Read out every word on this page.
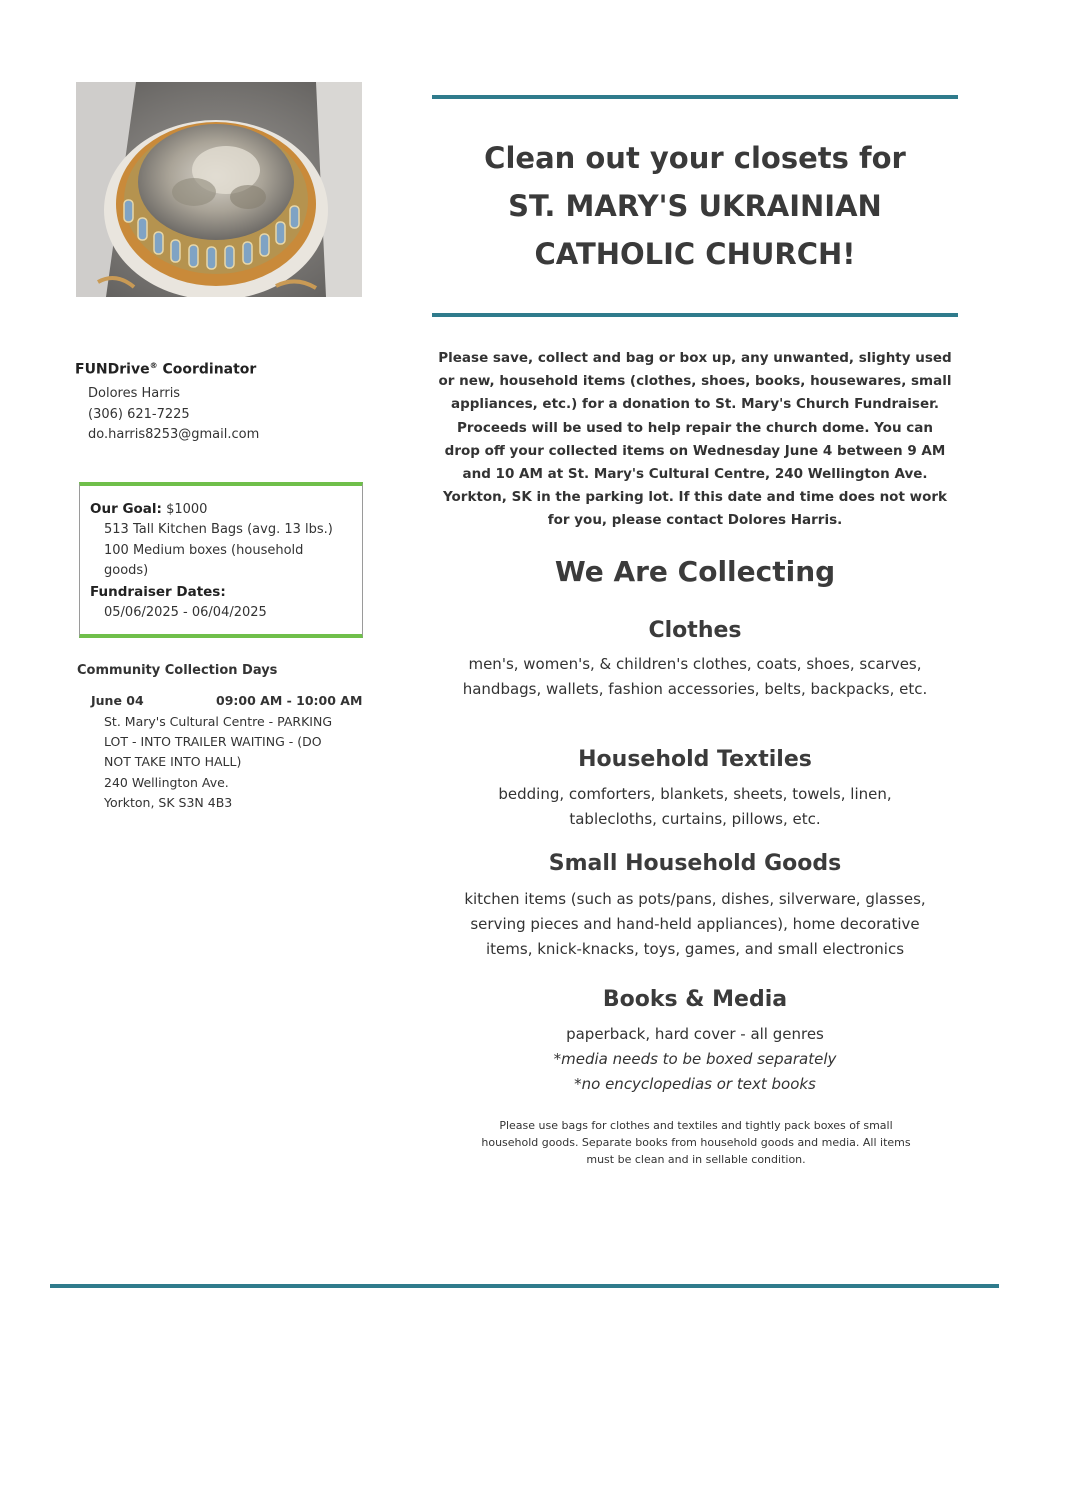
Clean out your closets for
ST. MARY'S UKRAINIAN
CATHOLIC CHURCH!
FUNDrive® Coordinator
Dolores Harris
(306) 621-7225
do.harris8253@gmail.com
Our Goal: $1000
513 Tall Kitchen Bags (avg. 13 lbs.)
100 Medium boxes (household
goods)
Fundraiser Dates:
05/06/2025 - 06/04/2025
Community Collection Days
June 04	09:00 AM - 10:00 AM
St. Mary's Cultural Centre - PARKING
LOT - INTO TRAILER WAITING - (DO
NOT TAKE INTO HALL)
240 Wellington Ave.
Yorkton, SK S3N 4B3
Please save, collect and bag or box up, any unwanted, slighty used
or new, household items (clothes, shoes, books, housewares, small
appliances, etc.) for a donation to St. Mary's Church Fundraiser.
Proceeds will be used to help repair the church dome. You can
drop off your collected items on Wednesday June 4 between 9 AM
and 10 AM at St. Mary's Cultural Centre, 240 Wellington Ave.
Yorkton, SK in the parking lot. If this date and time does not work
for you, please contact Dolores Harris.
We Are Collecting
Clothes
men's, women's, & children's clothes, coats, shoes, scarves,
handbags, wallets, fashion accessories, belts, backpacks, etc.
Household Textiles
bedding, comforters, blankets, sheets, towels, linen,
tablecloths, curtains, pillows, etc.
Small Household Goods
kitchen items (such as pots/pans, dishes, silverware, glasses,
serving pieces and hand-held appliances), home decorative
items, knick-knacks, toys, games, and small electronics
Books & Media
paperback, hard cover - all genres
*media needs to be boxed separately
*no encyclopedias or text books
Please use bags for clothes and textiles and tightly pack boxes of small
household goods. Separate books from household goods and media. All items
must be clean and in sellable condition.
